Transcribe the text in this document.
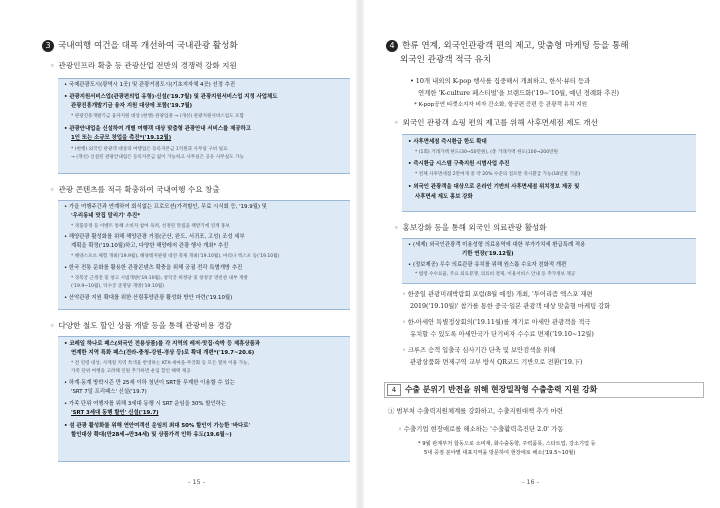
3 국내여행 여건을 대폭 개선하여 국내관광 활성화
◦ 관광인프라 확충 등 관광산업 전반의 경쟁력 강화 지원
• 국제관광도시(광역시 1곳) 및 관광거점도시(기초지자체 4곳) 선정 추진
• 관광지원서비스업(관광편의업 유형)·신설('19.7월) 및 관광지원서비스업 지정 사업체도
관광진흥개발기금 융자 지원 대상에 포함('19.7월)
* 관광진흥개발기금 융자지원 대상 (현행) 관광업종 → (개선) 관광지원서비스업도 포함
• 관광안내업을 신설하여 개별 여행객 대상 맞춤형 관광안내 서비스를 제공하고
1인 또는 소규모 창업을 촉진*('19.12월)
* (현행) 외국인 관광객 대상의 여행업은 등록자본금 1억원과 사무실 구비 필요
→ (개선) 신설된 관광안내업은 등록자본금 없이 가능하고 사무실은 공유 사무실도 가능
◦ 관광 콘텐츠를 적극 확충하여 국내여행 수요 창출
• 가을 여행주간과 연계하여 회식없는 프로모션(가격할인, 무료 시식회 등, '19.9월) 및
'우리동네 맛집 알리기' 추진*
* 경품증정 등 이벤트 통해 소비자 참여 독려, 선정된 맛집을 책받기에 연계 홍보
• 해양관광 활성화를 위해 해양관광 거점(군산, 완도, 서귀포, 고성) 조성 세부
계획을 확정('19.10월)하고, 다양한 해양레저 관광 행사 개최* 추진
* 해양스포츠 체험 개최('19.9월), 해양레저관광 대전 축제 개최('19.10월), 마리나 엑스포 등('19.10월)
• 한국 전통 문화를 활용한 관광콘텐츠 확충을 위해 궁궐 전각 특별개방 추진
* 경복궁 근정전 및 창고 시범개방('19.10월), 창덕궁 희정당 및 창경궁 영빈관 내부 개방
('19.9~10월), 덕수궁 준명당 개방('19.10월)
• 산악관광 지원 확대를 위한 산림휴양관광 활성화 방안 마련('19.10월)
◦ 다양한 철도 할인 상품 개발 등을 통해 관광비용 경감
• 코레일 하나로 패스(외국인 전용상품)를 각 지역의 레저·맛집·숙박 등 제휴상품과
연계한 지역 특화 패스(전라-충청-강원-경상 등)로 확대 개편*('19.7~20.6)
* 전 연령 대상, 사계절 지역 특색을 반영하는 KTX-새마을-무궁화 등 모든 열차 이용 가능,
가족 단위 여행을 고려해 인원 추가하면 운임 할인 혜택 제공
• 하계·동계 방학시즌 만 25세 이하 청년이 SRT를 무제한 이용할 수 있는
'SRT 7일 프리패스' 신설('19.7)
• 가족 단위 여행자를 위해 3세대 동행 시 SRT 운임을 30% 할인하는
'SRT 3세대 동행 할인' 신설('19.7)
• 섬 관광 활성화를 위해 연안여객선 운임의 최대 50% 할인이 가능한 '바다로'
할인대상 확대(만28세→만34세) 및 상품가격 인하 유도(19.6월~)
- 15 -
4 한류 연계, 외국인관광객 편의 제고, 맞춤형 마케팅 등을 통해
외국인 관광객 적극 유치
• 10개 내외의 K-pop 행사를 집중해서 개최하고, 한식·뷰티 등과
연계한 'K-culture 페스티벌'을 브랜드화('19~'10월, 예년 정례화 추진)
* K-pop공연 티켓소지자 비자 간소화, 항공편 증편 등 관광객 유치 지원
◦ 외국인 관광객 쇼핑 편의 제고를 위해 사후면세점 제도 개선
• 사후면세점 즉시환급 한도 확대
* (1회) 거래가액 한도(30→50만원), (총 거래가액 한도(100→200만원
• 즉시환급 시스템 구축지원 시범사업 추진
* 전체 사후면세점 2만여개 중 약 20% 수준의 점포만 즉시환급 가능(18년말 기준)
• 외국인 관광객을 대상으로 온라인 기반의 사후면세점 위치정보 제공 및
사후면세 제도 홍보 강화
◦ 홍보강화 등을 통해 외국인 의료관광 활성화
• (세제) 외국인관광객 미용성형 의료용역에 대한 부가가치세 환급특례 적용
기한 연장('19.12월)
• (정보제공) 우수 의료관광 유치를 위해 원스톱 수요자 친화적 개편
* 법령 수수료율, 주요 외료분쟁, 의료비 결제, 이용서비스 안내 등 추가정보 제공
◦ 한중일 관광미래박람회 포럼(8월 예정) 개최, '투어리즘 엑스포 재편
2019('19.10월)' 참가를 통한 중국·일본 관광객 대상 맞춤형 마케팅 강화
◦ 한-아세안 특별정상회의('19.11월)를 계기로 아세안 관광객을 적극
유치할 수 있도록 아세안국가 단기비자 수수료 면제('19.10~12월)
◦ 크루즈 승객 입출국 심사기간 단축 및 보안검색을 위해
관광상품화 면제구역 교부 방식 QR코드 기반으로 전환('19.下)
4	수출 분위기 반전을 위해 현장밀착형 수출총력 지원 강화
① 범부처 수출력지원체계를 강화하고, 수출지원대책 추가 마련
◦ 수출기업 현장애로를 해소하는 '수출활력촉진단 2.0' 가동
* 9월 관계부처 합동으로 소비재, 화수출동향, 주력품목, 스타트업, 강소기업 등
5대 중점 분야별 대표지역을 방문하여 현장애로 해소('19.5~10월)
- 16 -
